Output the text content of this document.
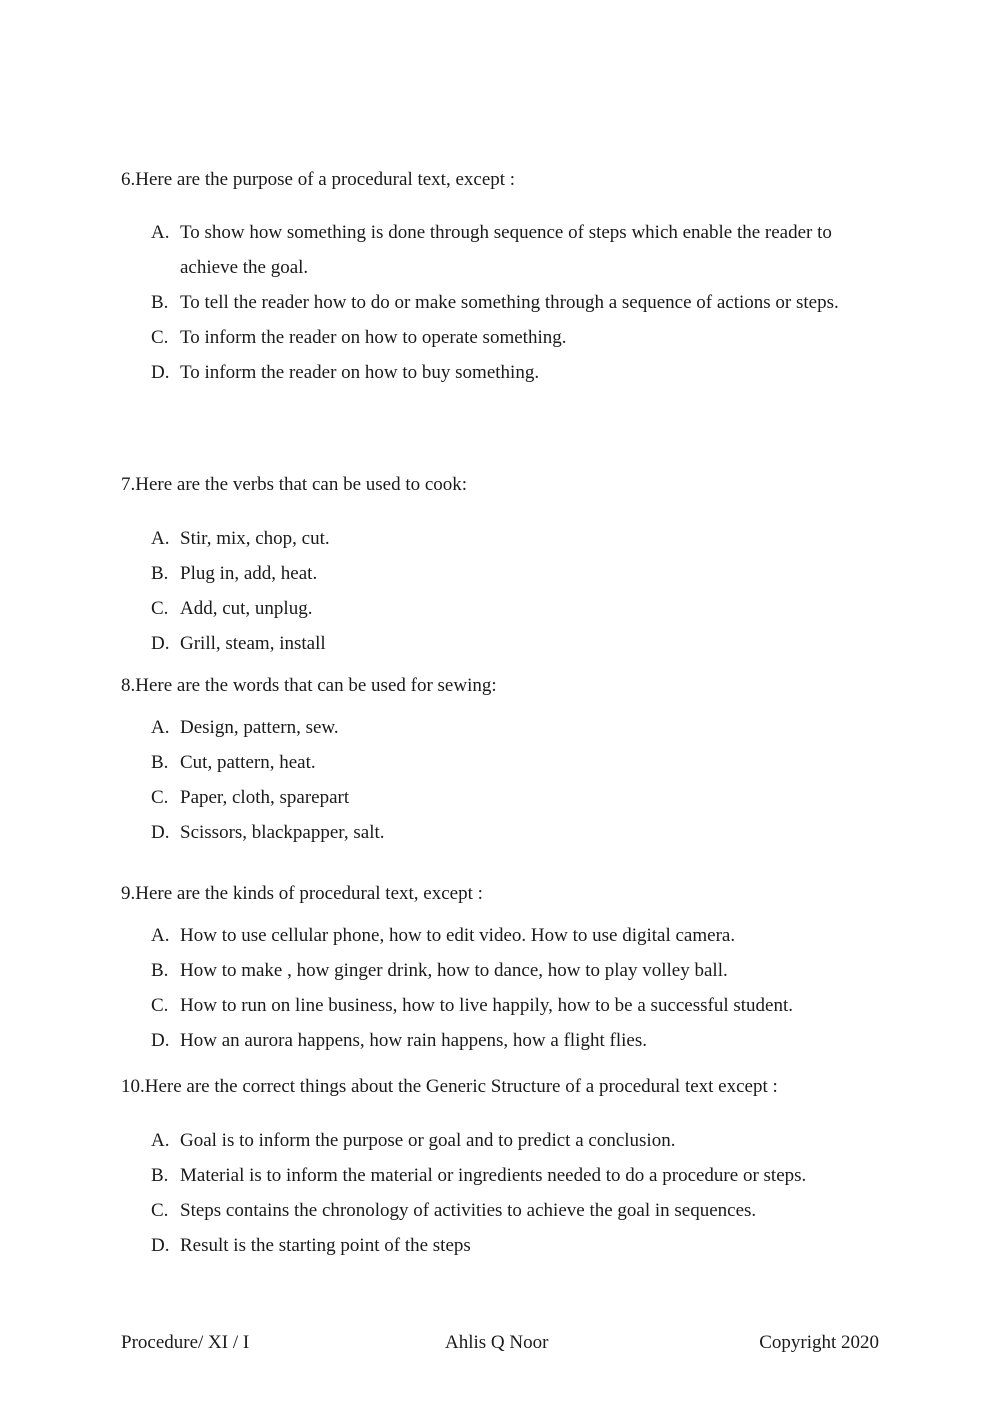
6.Here are the purpose of a procedural text, except :

A. To show how something is done through sequence of steps which enable the reader to achieve the goal.
B. To tell the reader how to do or make something through a sequence of actions or steps.
C. To inform the reader on how to operate something.
D. To inform the reader on how to buy something.

7.Here are the verbs that can be used to cook:

A. Stir, mix, chop, cut.
B. Plug in, add, heat.
C. Add, cut, unplug.
D. Grill, steam, install

8.Here are the words that can be used for sewing:

A. Design, pattern, sew.
B. Cut, pattern, heat.
C. Paper, cloth, sparepart
D. Scissors, blackpapper, salt.

9.Here are the kinds of procedural text, except :

A. How to use cellular phone, how to edit video. How to use digital camera.
B. How to make , how ginger drink, how to dance, how to play volley ball.
C. How to run on line business, how to live happily, how to be a successful student.
D. How an aurora happens, how rain happens, how a flight flies.

10.Here are the correct things about the Generic Structure of a procedural text except :

A. Goal is to inform the purpose or goal and to predict a conclusion.
B. Material is to inform the material or ingredients needed to do a procedure or steps.
C. Steps contains the chronology of activities to achieve the goal in sequences.
D. Result is the starting point of the steps
Procedure/ XI / I	Ahlis Q Noor	Copyright 2020
